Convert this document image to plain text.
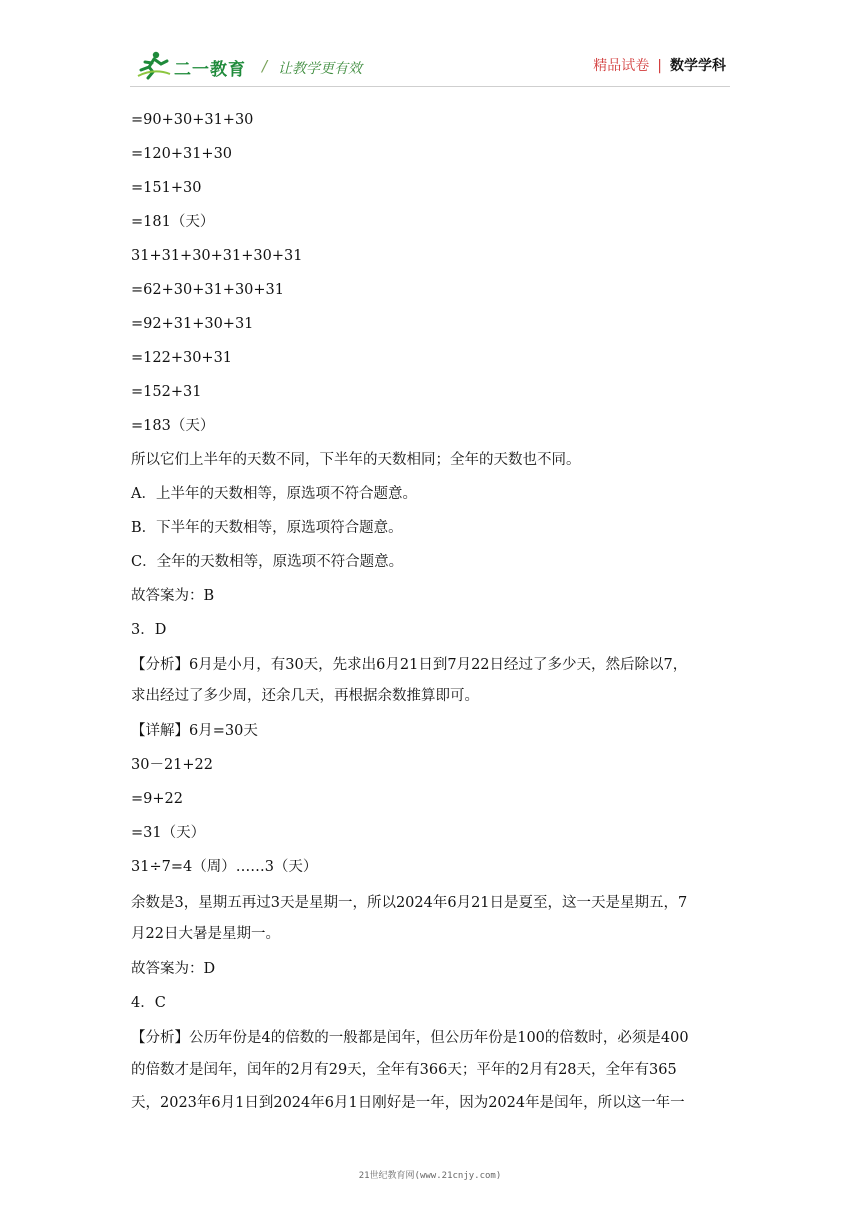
二一教育 / 让教学更有效	精品试卷 | 数学学科
=90+30+31+30
=120+31+30
=151+30
=181（天）
31+31+30+31+30+31
=62+30+31+30+31
=92+31+30+31
=122+30+31
=152+31
=183（天）
所以它们上半年的天数不同，下半年的天数相同；全年的天数也不同。
A．上半年的天数相等，原选项不符合题意。
B．下半年的天数相等，原选项符合题意。
C．全年的天数相等，原选项不符合题意。
故答案为：B
3．D
【分析】6月是小月，有30天，先求出6月21日到7月22日经过了多少天，然后除以7，
求出经过了多少周，还余几天，再根据余数推算即可。
【详解】6月=30天
30－21+22
=9+22
=31（天）
31÷7=4（周）……3（天）
余数是3，星期五再过3天是星期一，所以2024年6月21日是夏至，这一天是星期五，7
月22日大暑是星期一。
故答案为：D
4．C
【分析】公历年份是4的倍数的一般都是闰年，但公历年份是100的倍数时，必须是400
的倍数才是闰年，闰年的2月有29天，全年有366天；平年的2月有28天，全年有365
天，2023年6月1日到2024年6月1日刚好是一年，因为2024年是闰年，所以这一年一
21世纪教育网(www.21cnjy.com)
